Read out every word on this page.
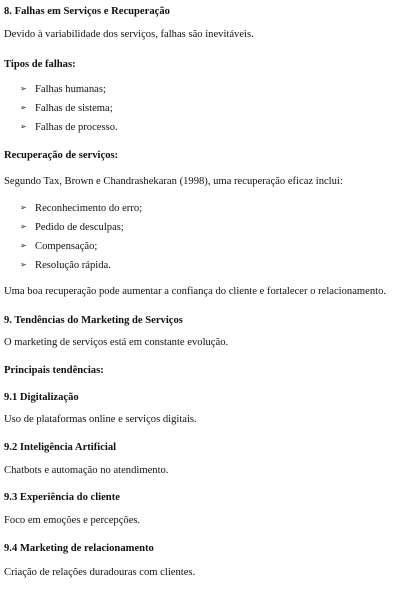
8. Falhas em Serviços e Recuperação

Devido à variabilidade dos serviços, falhas são inevitáveis.

Tipos de falhas:

➢ Falhas humanas;
➢ Falhas de sistema;
➢ Falhas de processo.

Recuperação de serviços:

Segundo Tax, Brown e Chandrashekaran (1998), uma recuperação eficaz inclui:

➢ Reconhecimento do erro;
➢ Pedido de desculpas;
➢ Compensação;
➢ Resolução rápida.

Uma boa recuperação pode aumentar a confiança do cliente e fortalecer o relacionamento.

9. Tendências do Marketing de Serviços

O marketing de serviços está em constante evolução.

Principais tendências:

9.1 Digitalização

Uso de plataformas online e serviços digitais.

9.2 Inteligência Artificial

Chatbots e automação no atendimento.

9.3 Experiência do cliente

Foco em emoções e percepções.

9.4 Marketing de relacionamento

Criação de relações duradouras com clientes.
